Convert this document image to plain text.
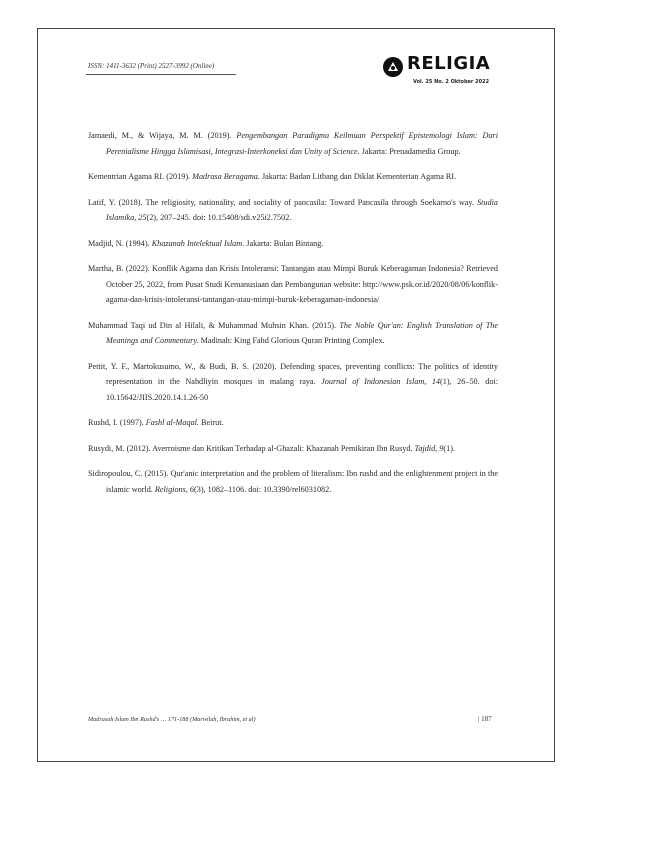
ISSN: 1411-3632 (Print) 2527-3992 (Online)	RELIGIA
Vol. 25 No. 2 Oktober 2022
Jamaedi, M., & Wijaya, M. M. (2019). Pengembangan Paradigma Keilmuan Perspektif Epistemologi Islam: Dari Perenialisme Hingga Islamisasi, Integrasi-Interkoneksi dan Unity of Science. Jakarta: Prenadamedia Group.
Kementrian Agama RI. (2019). Madrasa Beragama. Jakarta: Badan Litbang dan Diklat Kementerian Agama RI.
Latif, Y. (2018). The religiosity, nationality, and sociality of pancasila: Toward Pancasila through Soekarno's way. Studia Islamika, 25(2), 207–245. doi: 10.15408/sdi.v25i2.7502.
Madjid, N. (1994). Khazanah Intelektual Islam. Jakarta: Bulan Bintang.
Martha, B. (2022). Konflik Agama dan Krisis Intoleransi: Tantangan atau Mimpi Buruk Keberagaman Indonesia? Retrieved October 25, 2022, from Pusat Studi Kemanusiaan dan Pembangunan website: http://www.psk.or.id/2020/08/06/konflik-agama-dan-krisis-intoleransi-tantangan-atau-mimpi-buruk-keberagaman-indonesia/
Muhammad Taqi ud Din al Hilali, & Muhammad Muhsin Khan. (2015). The Noble Qur'an: English Translation of The Meanings and Commentary. Madinah: King Fahd Glorious Quran Printing Complex.
Pettit, Y. F., Martokusumo, W., & Budi, B. S. (2020). Defending spaces, preventing conflicts: The politics of identity representation in the Nahdliyin mosques in malang raya. Journal of Indonesian Islam, 14(1), 26–50. doi: 10.15642/JIIS.2020.14.1.26-50
Rushd, I. (1997). Fashl al-Maqal. Beirut.
Rusydi, M. (2012). Averroisme dan Kritikan Terhadap al-Ghazali: Khazanah Pemikiran Ibn Rusyd. Tajdid, 9(1).
Sidiropoulou, C. (2015). Qur'anic interpretation and the problem of literalism: Ibn rushd and the enlightenment project in the islamic world. Religions, 6(3), 1082–1106. doi: 10.3390/rel6031082.
Madrasah Islam Ibn Rushd's … 171-188 (Marwilah, Ibrahim, et al)	| 187
